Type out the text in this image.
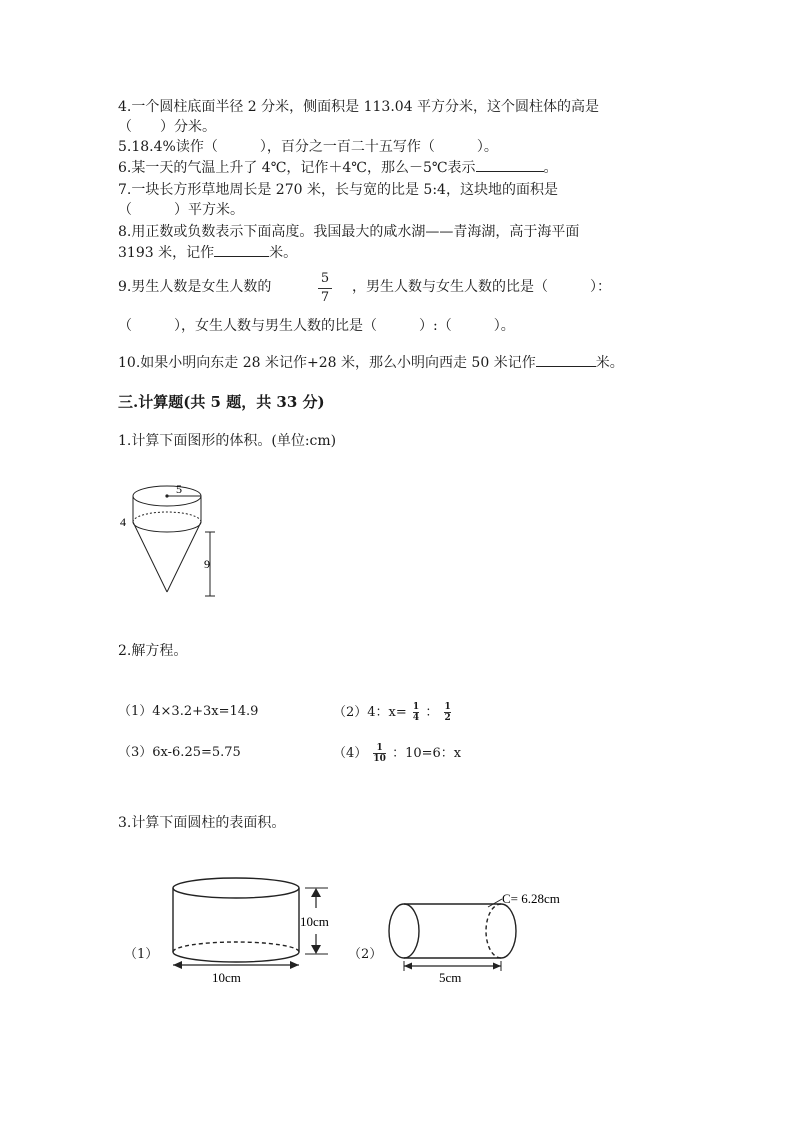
4.一个圆柱底面半径 2 分米，侧面积是 113.04 平方分米，这个圆柱体的高是
（　　）分米。
5.18.4%读作（　　　），百分之一百二十五写作（　　　）。
6.某一天的气温上升了 4℃，记作＋4℃，那么－5℃表示	。
7.一块长方形草地周长是 270 米，长与宽的比是 5:4，这块地的面积是
（　　　）平方米。
8.用正数或负数表示下面高度。我国最大的咸水湖——青海湖，高于海平面
3193 米，记作	米。
9.男生人数是女生人数的
5
7
，男生人数与女生人数的比是（　　　）：
（　　　），女生人数与男生人数的比是（　　　）:（　　　）。
10.如果小明向东走 28 米记作+28 米，那么小明向西走 50 米记作	米。
三.计算题(共 5 题，共 33 分)
1.计算下面图形的体积。(单位:cm)
5
4
9
2.解方程。
（1）4×3.2+3x=14.9	（2）4：$x= \frac{1}{4}$ ： $\frac{1}{2}$
（3）6x-6.25=5.75	$(4) \frac{1}{10}$ ：10=6：x
3.计算下面圆柱的表面积。
（1）
10cm
10cm
（2）
C= 6.28cm
5cm
